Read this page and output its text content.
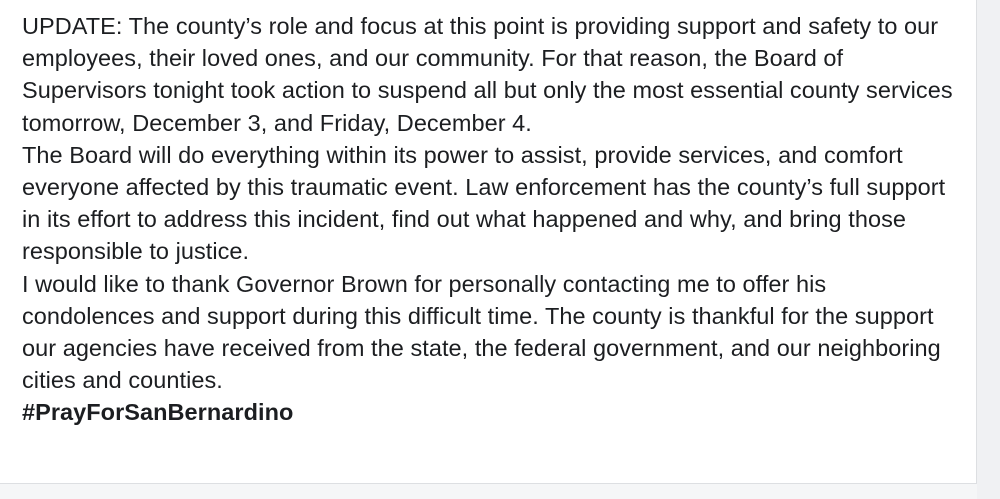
UPDATE: The county’s role and focus at this point is providing support and safety to our employees, their loved ones, and our community. For that reason, the Board of Supervisors tonight took action to suspend all but only the most essential county services tomorrow, December 3, and Friday, December 4.

The Board will do everything within its power to assist, provide services, and comfort everyone affected by this traumatic event. Law enforcement has the county’s full support in its effort to address this incident, find out what happened and why, and bring those responsible to justice.

I would like to thank Governor Brown for personally contacting me to offer his condolences and support during this difficult time. The county is thankful for the support our agencies have received from the state, the federal government, and our neighboring cities and counties.

#PrayForSanBernardino
